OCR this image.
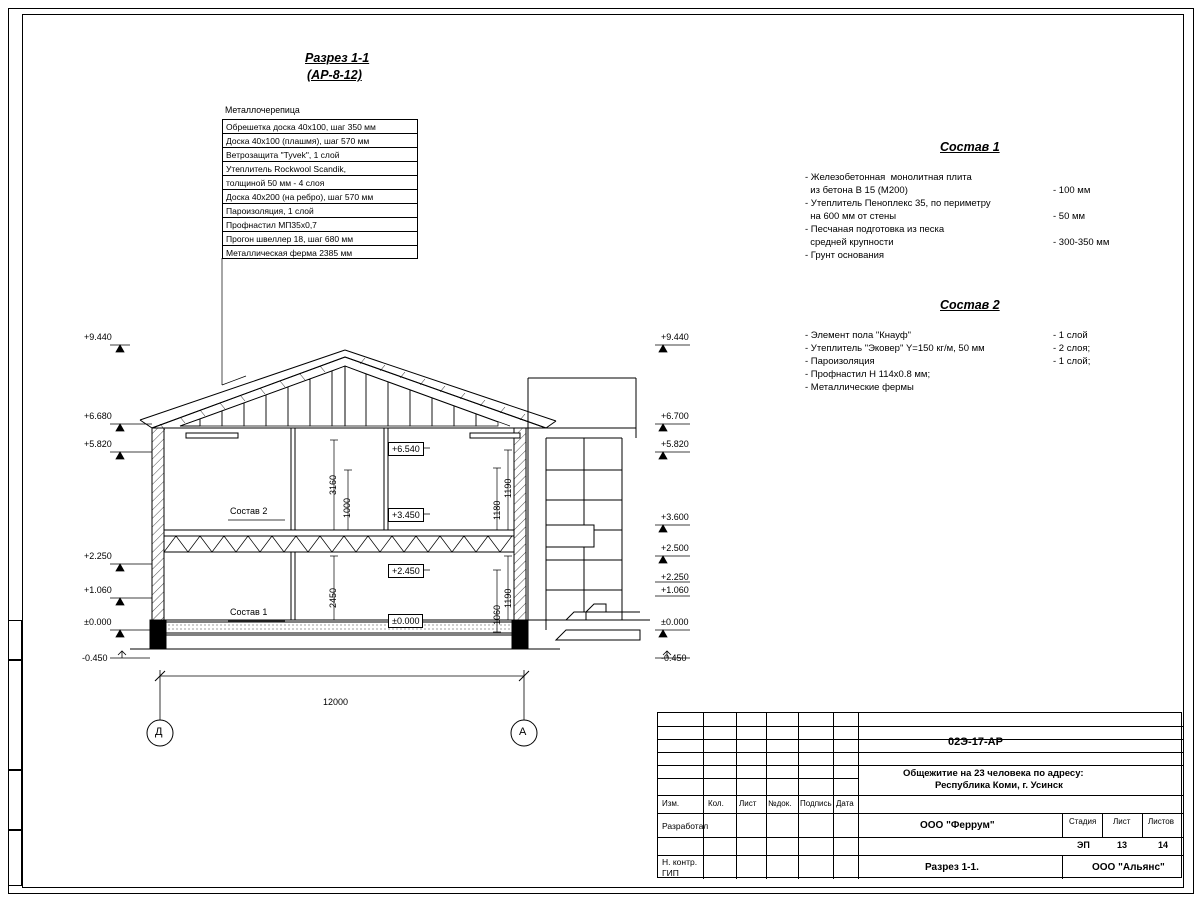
Разрез 1-1
(АР-8-12)
Металлочерепица
Обрешетка доска 40х100, шаг 350 мм
Доска 40х100 (плашмя), шаг 570 мм
Ветрозащита "Tyvek", 1 слой
Утеплитель Rockwool Scandik,
толщиной 50 мм - 4 слоя
Доска 40х200 (на ребро), шаг 570 мм
Пароизоляция, 1 слой
Профнастил МП35х0,7
Прогон швеллер 18, шаг 680 мм
Металлическая ферма 2385 мм
Состав 1
- Железобетонная  монолитная плита
из бетона В 15 (М200)	- 100 мм
- Утеплитель Пеноплекс 35, по периметру
на 600 мм от стены	- 50 мм
- Песчаная подготовка из песка
средней крупности	- 300-350 мм
- Грунт основания
Состав 2
- Элемент пола "Кнауф"	- 1 слой
- Утеплитель "Эковер" Y=150 кг/м, 50 мм	- 2 слоя;
- Пароизоляция	- 1 слой;
- Профнастил Н 114х0.8 мм;
- Металлические фермы
+9.440
+6.680
+5.820
+2.250
+1.060
±0.000
-0.450
+9.440
+6.700
+5.820
+3.600
+2.500
+2.250
+1.060
±0.000
-0.450
+6.540
+3.450
+2.450
±0.000
3160
1000
2450
1190
1180
1190
1060
12000
Д	А
Состав 2
Состав 1
02Э-17-АР
Общежитие на 23 человека по адресу:
Республика Коми, г. Усинск
Изм.	Кол. Лист №док. Подпись Дата
Разработал
Н. контр.
ГИП
ООО "Феррум"
Разрез 1-1.	ООО "Альянс"
Стадия Лист Листов
ЭП	13	14
